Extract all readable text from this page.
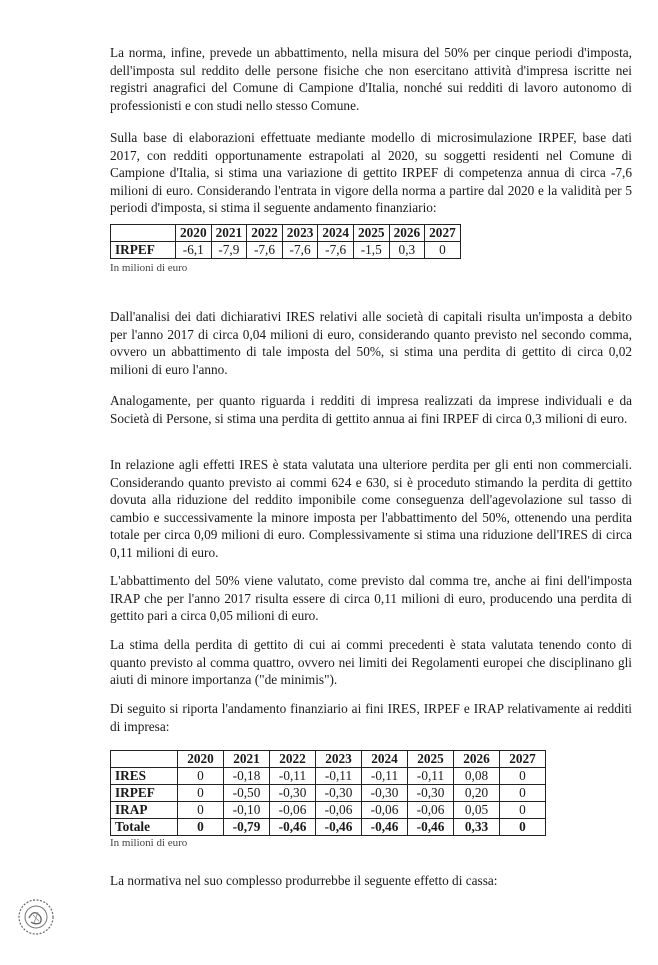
La norma, infine, prevede un abbattimento, nella misura del 50% per cinque periodi d'imposta, dell'imposta sul reddito delle persone fisiche che non esercitano attività d'impresa iscritte nei registri anagrafici del Comune di Campione d'Italia, nonché sui redditi di lavoro autonomo di professionisti e con studi nello stesso Comune.

Sulla base di elaborazioni effettuate mediante modello di microsimulazione IRPEF, base dati 2017, con redditi opportunamente estrapolati al 2020, su soggetti residenti nel Comune di Campione d'Italia, si stima una variazione di gettito IRPEF di competenza annua di circa -7,6 milioni di euro. Considerando l'entrata in vigore della norma a partire dal 2020 e la validità per 5 periodi d'imposta, si stima il seguente andamento finanziario:

	2020	2021	2022	2023	2024	2025	2026	2027
IRPEF	-6,1	-7,9	-7,6	-7,6	-7,6	-1,5	0,3	0
In milioni di euro

Dall'analisi dei dati dichiarativi IRES relativi alle società di capitali risulta un'imposta a debito per l'anno 2017 di circa 0,04 milioni di euro, considerando quanto previsto nel secondo comma, ovvero un abbattimento di tale imposta del 50%, si stima una perdita di gettito di circa 0,02 milioni di euro l'anno.

Analogamente, per quanto riguarda i redditi di impresa realizzati da imprese individuali e da Società di Persone, si stima una perdita di gettito annua ai fini IRPEF di circa 0,3 milioni di euro.

In relazione agli effetti IRES è stata valutata una ulteriore perdita per gli enti non commerciali. Considerando quanto previsto ai commi 624 e 630, si è proceduto stimando la perdita di gettito dovuta alla riduzione del reddito imponibile come conseguenza dell'agevolazione sul tasso di cambio e successivamente la minore imposta per l'abbattimento del 50%, ottenendo una perdita totale per circa 0,09 milioni di euro. Complessivamente si stima una riduzione dell'IRES di circa 0,11 milioni di euro.

L'abbattimento del 50% viene valutato, come previsto dal comma tre, anche ai fini dell'imposta IRAP che per l'anno 2017 risulta essere di circa 0,11 milioni di euro, producendo una perdita di gettito pari a circa 0,05 milioni di euro.

La stima della perdita di gettito di cui ai commi precedenti è stata valutata tenendo conto di quanto previsto al comma quattro, ovvero nei limiti dei Regolamenti europei che disciplinano gli aiuti di minore importanza ("de minimis").

Di seguito si riporta l'andamento finanziario ai fini IRES, IRPEF e IRAP relativamente ai redditi di impresa:

	2020	2021	2022	2023	2024	2025	2026	2027
IRES	0	-0,18	-0,11	-0,11	-0,11	-0,11	0,08	0
IRPEF	0	-0,50	-0,30	-0,30	-0,30	-0,30	0,20	0
IRAP	0	-0,10	-0,06	-0,06	-0,06	-0,06	0,05	0
Totale	0	-0,79	-0,46	-0,46	-0,46	-0,46	0,33	0
In milioni di euro

La normativa nel suo complesso produrrebbe il seguente effetto di cassa:
